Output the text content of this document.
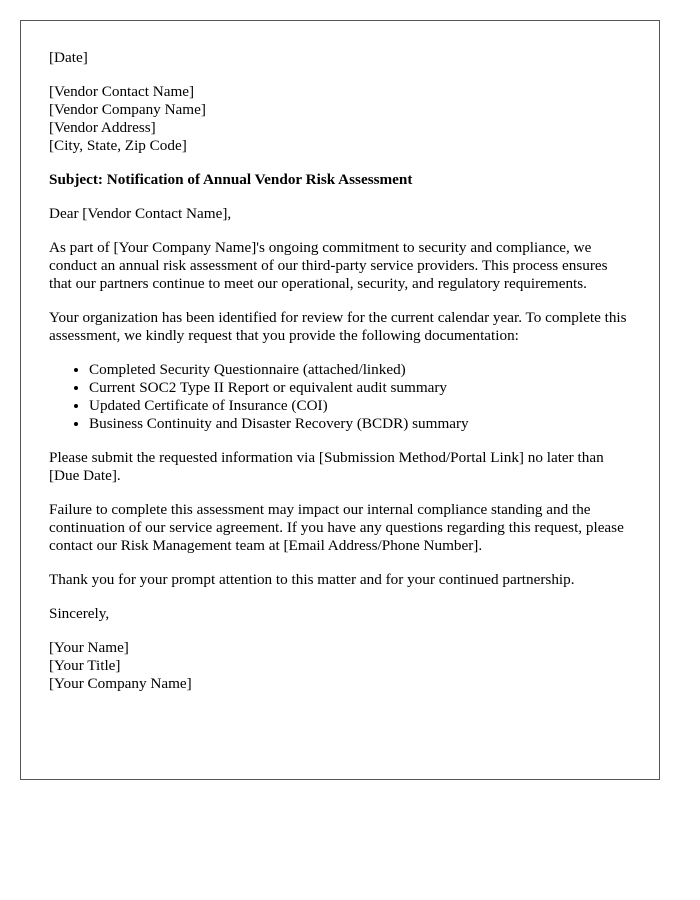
[Date]

[Vendor Contact Name]
[Vendor Company Name]
[Vendor Address]
[City, State, Zip Code]

Subject: Notification of Annual Vendor Risk Assessment

Dear [Vendor Contact Name],

As part of [Your Company Name]'s ongoing commitment to security and compliance, we conduct an annual risk assessment of our third-party service providers. This process ensures that our partners continue to meet our operational, security, and regulatory requirements.

Your organization has been identified for review for the current calendar year. To complete this assessment, we kindly request that you provide the following documentation:

• Completed Security Questionnaire (attached/linked)
• Current SOC2 Type II Report or equivalent audit summary
• Updated Certificate of Insurance (COI)
• Business Continuity and Disaster Recovery (BCDR) summary

Please submit the requested information via [Submission Method/Portal Link] no later than [Due Date].

Failure to complete this assessment may impact our internal compliance standing and the continuation of our service agreement. If you have any questions regarding this request, please contact our Risk Management team at [Email Address/Phone Number].

Thank you for your prompt attention to this matter and for your continued partnership.

Sincerely,

[Your Name]
[Your Title]
[Your Company Name]
